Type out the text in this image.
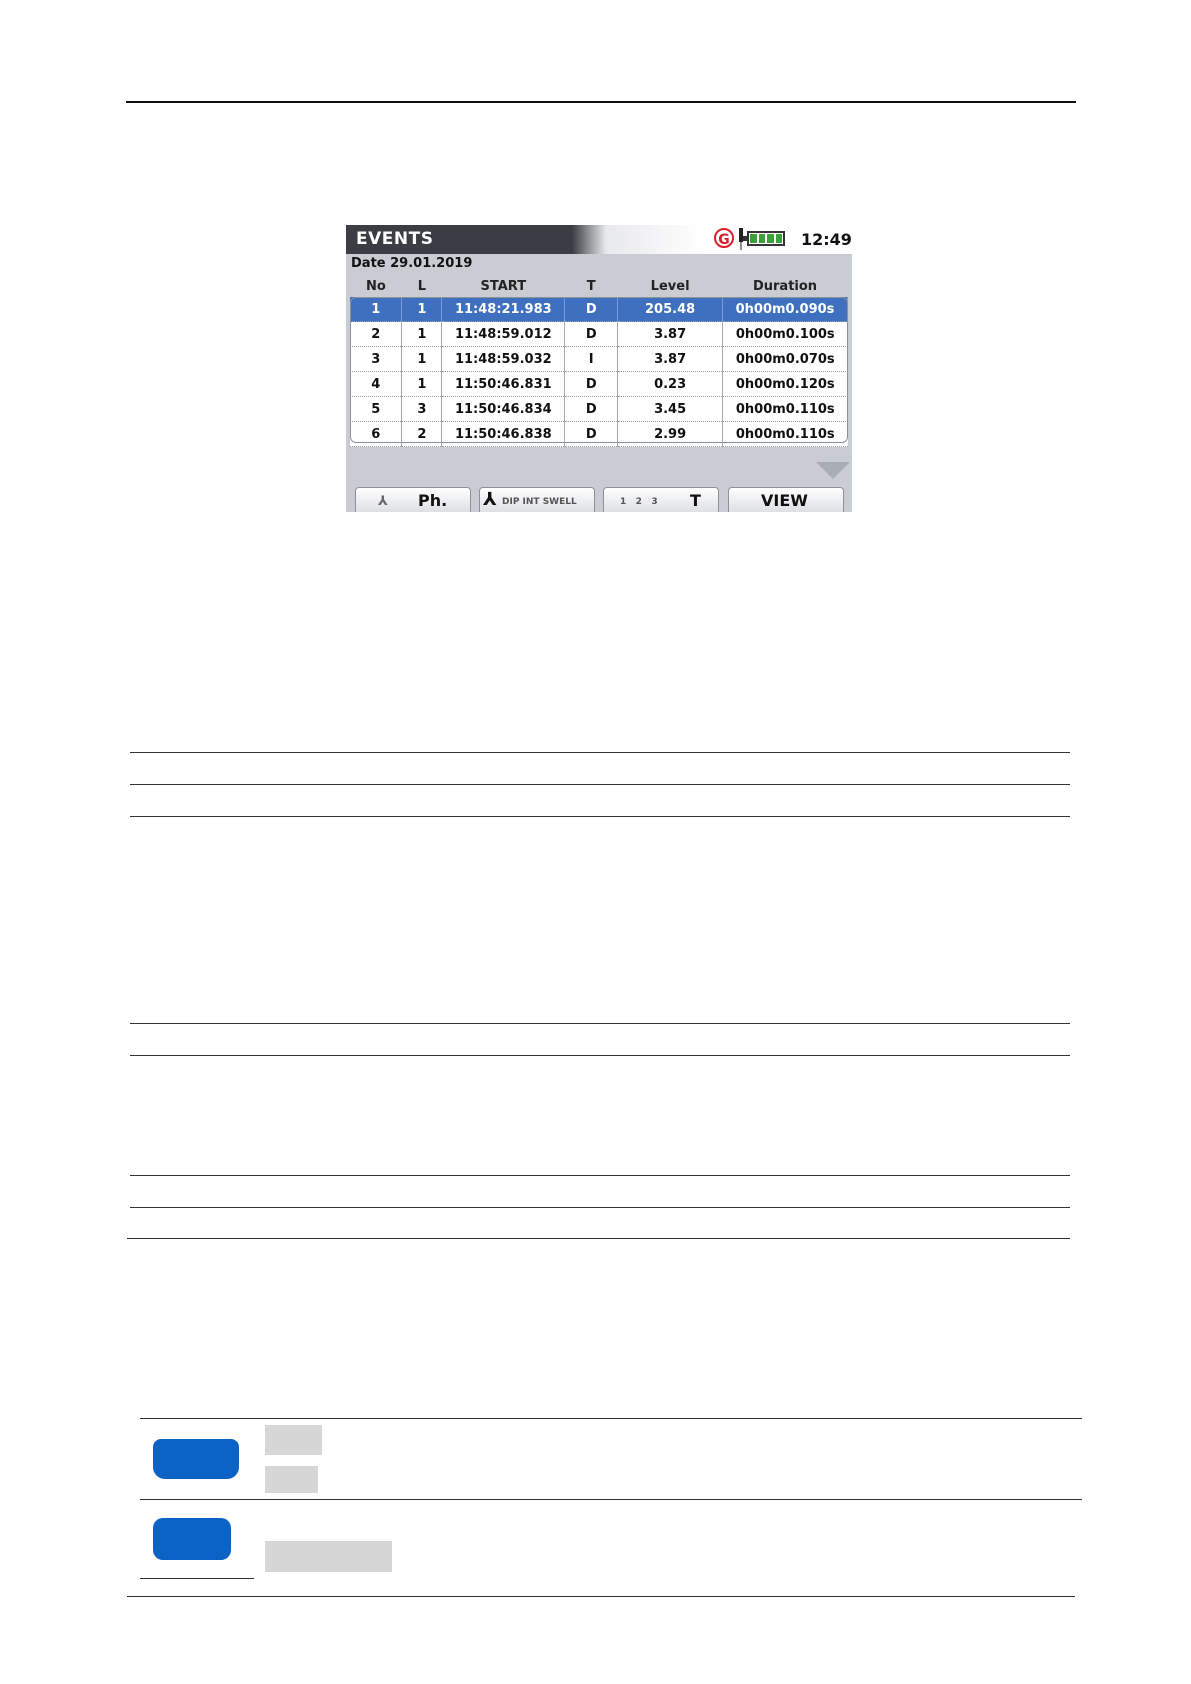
EVENTS	G	12:49
Date 29.01.2019
No	L	START	T	Level	Duration
1	1	11:48:21.983	D	205.48	0h00m0.090s
2	1	11:48:59.012	D	3.87	0h00m0.100s
3	1	11:48:59.032	I	3.87	0h00m0.070s
4	1	11:50:46.831	D	0.23	0h00m0.120s
5	3	11:50:46.834	D	3.45	0h00m0.110s
6	2	11:50:46.838	D	2.99	0h00m0.110s
⅄ Ph. ⅄ DIP INT SWELL	1   2   3 T	VIEW
